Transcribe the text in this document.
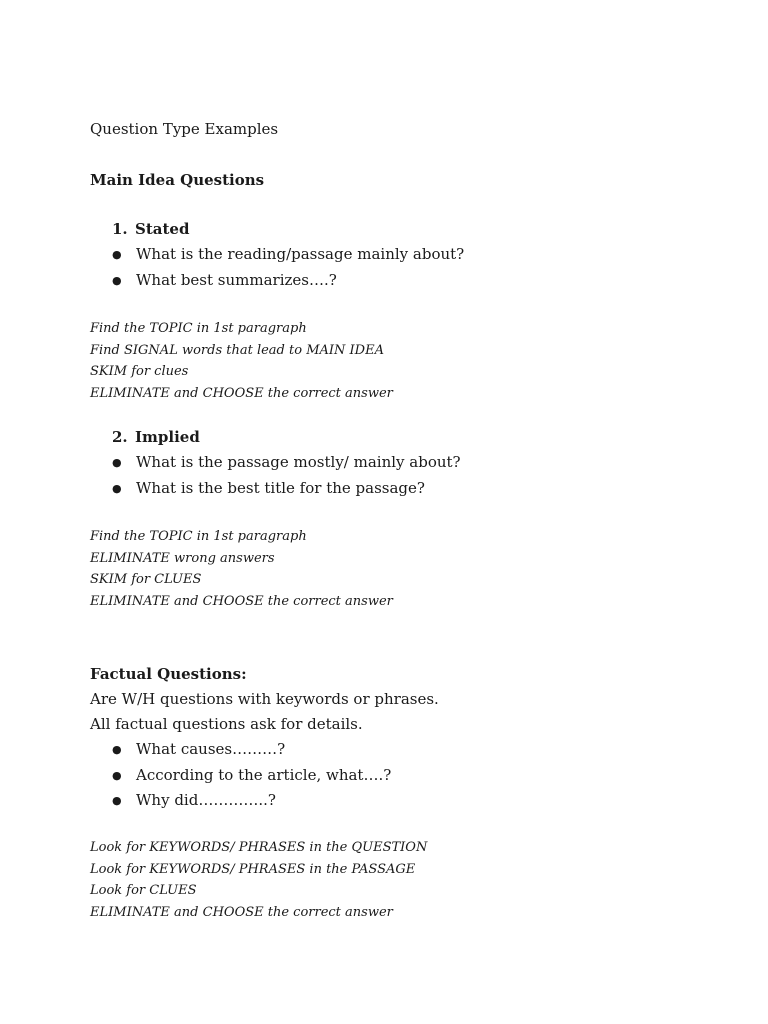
Question Type Examples
Main Idea Questions
1. Stated
● What is the reading/passage mainly about?
● What best summarizes….?
Find the TOPIC in 1st paragraph
Find SIGNAL words that lead to MAIN IDEA
SKIM for clues
ELIMINATE and CHOOSE the correct answer
2. Implied
● What is the passage mostly/ mainly about?
● What is the best title for the passage?
Find the TOPIC in 1st paragraph
ELIMINATE wrong answers
SKIM for CLUES
ELIMINATE and CHOOSE the correct answer
Factual Questions:
Are W/H questions with keywords or phrases.
All factual questions ask for details.
● What causes………?
● According to the article, what….?
● Why did…………..?
Look for KEYWORDS/ PHRASES in the QUESTION
Look for KEYWORDS/ PHRASES in the PASSAGE
Look for CLUES
ELIMINATE and CHOOSE the correct answer
